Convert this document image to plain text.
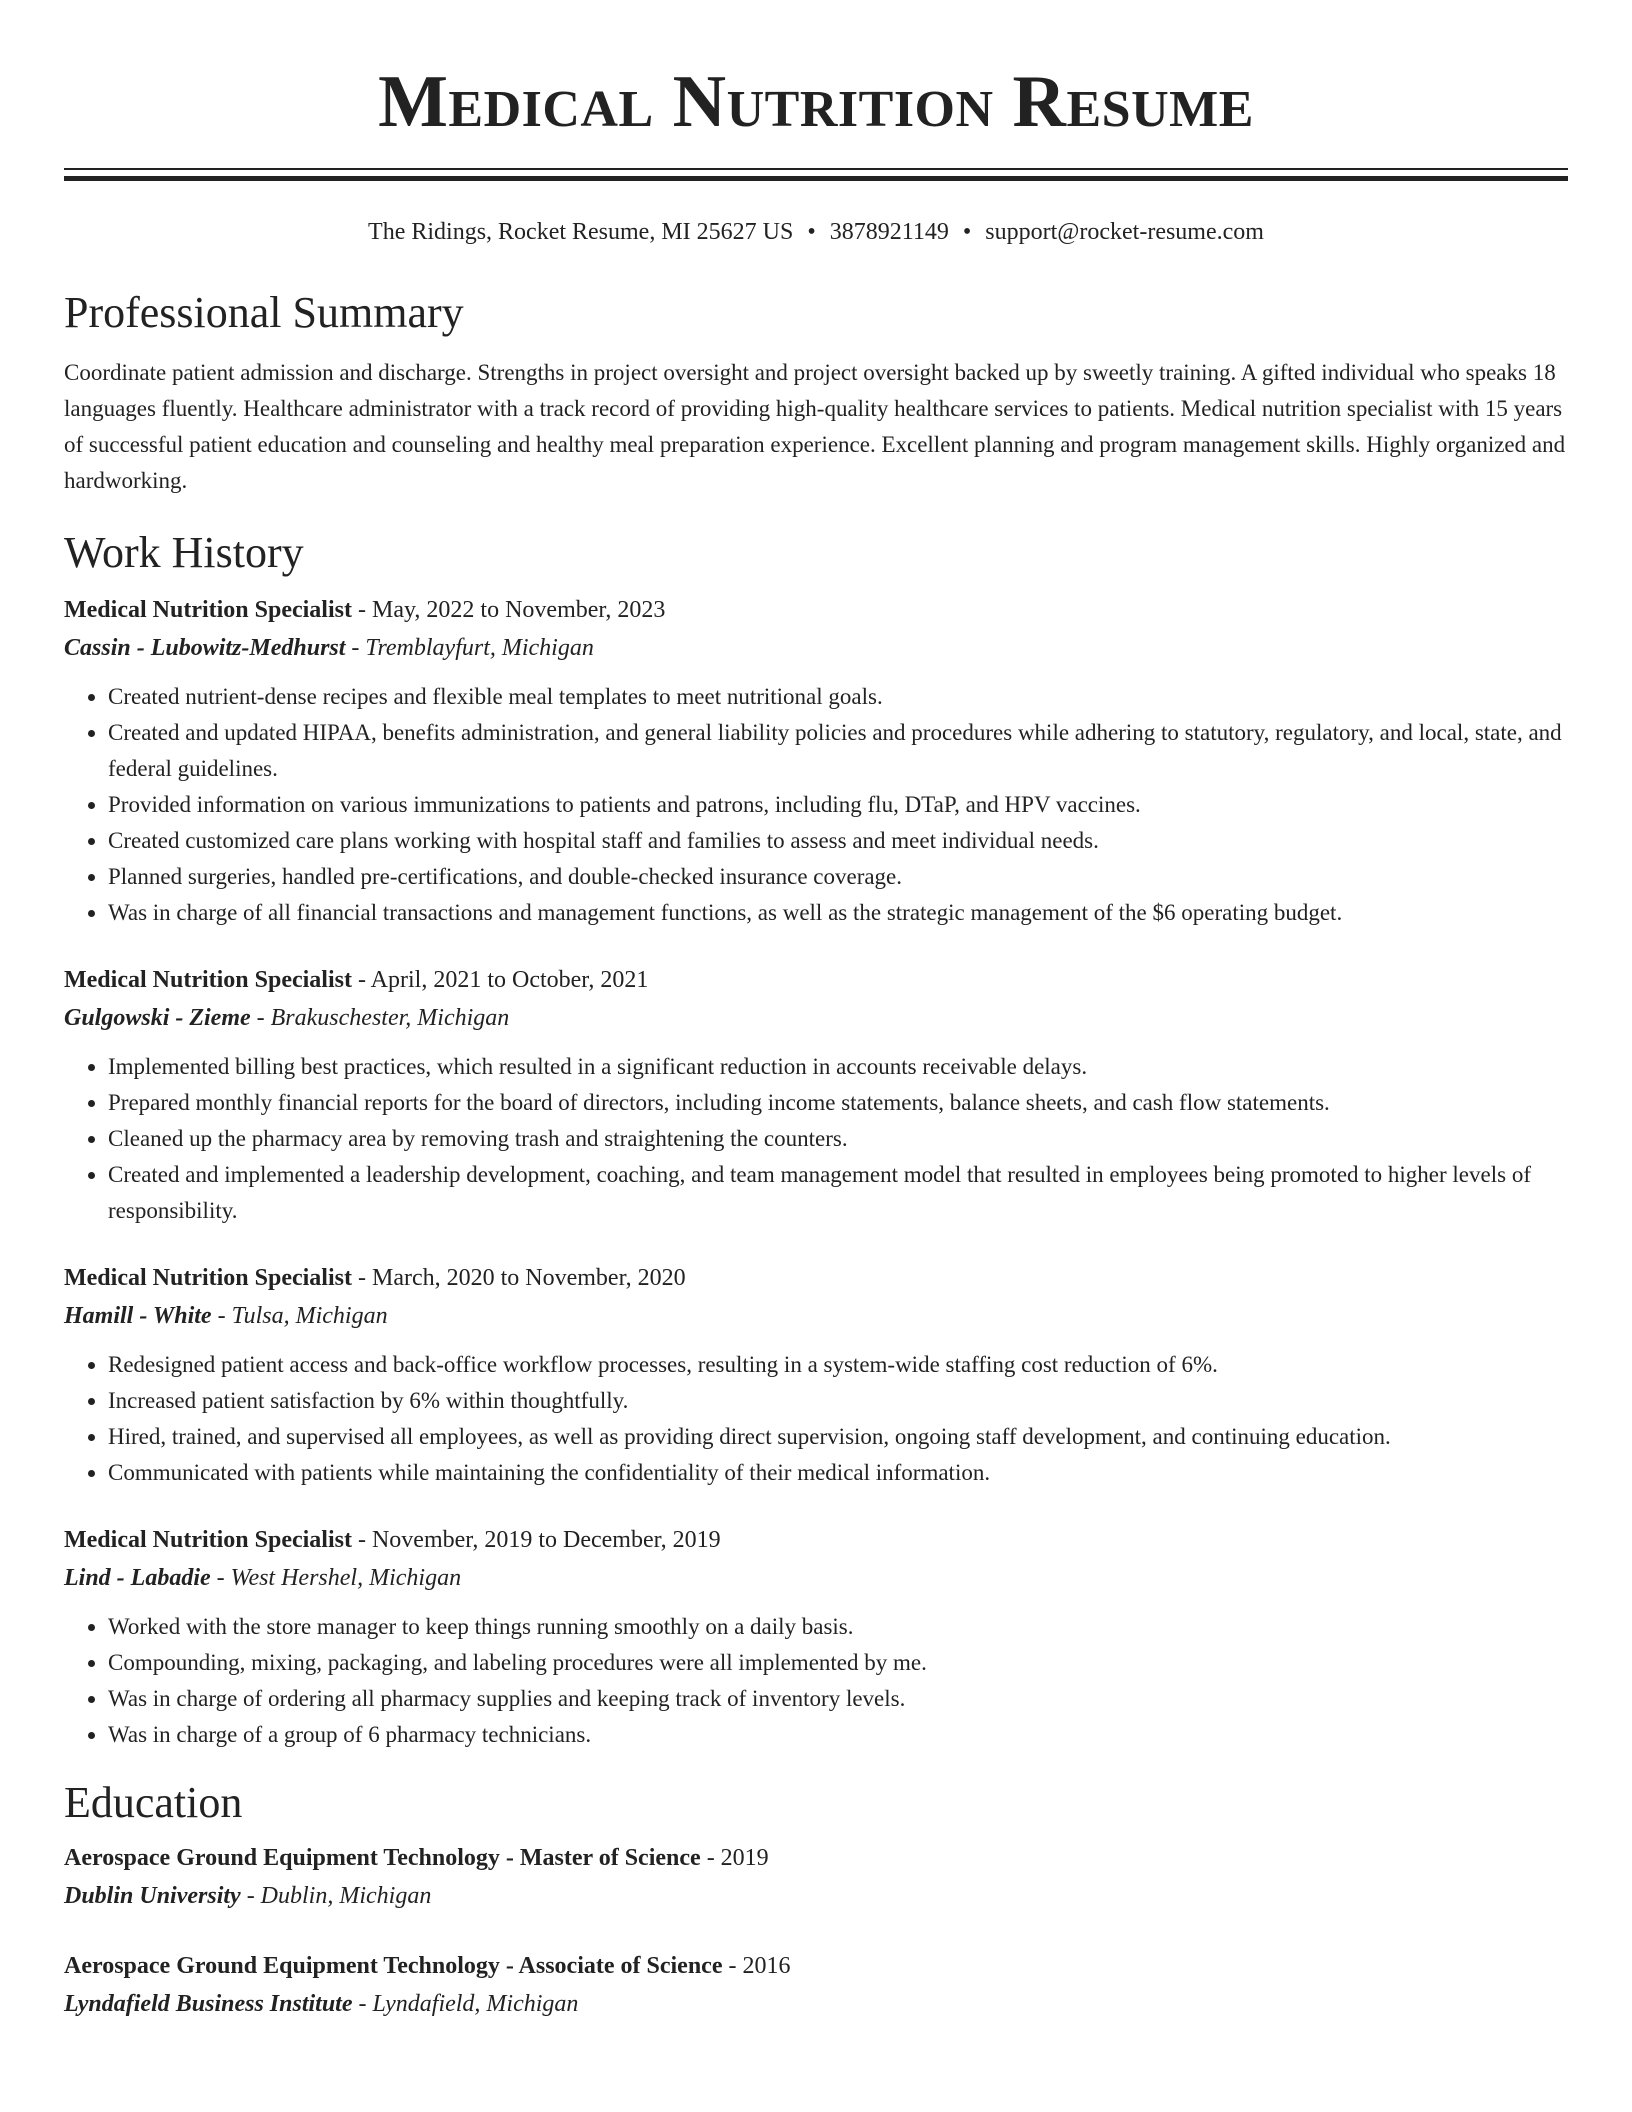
Medical Nutrition Resume
The Ridings, Rocket Resume, MI 25627 US • 3878921149 • support@rocket-resume.com
Professional Summary
Coordinate patient admission and discharge. Strengths in project oversight and project oversight backed up by sweetly training. A gifted individual who speaks 18 languages fluently. Healthcare administrator with a track record of providing high-quality healthcare services to patients. Medical nutrition specialist with 15 years of successful patient education and counseling and healthy meal preparation experience. Excellent planning and program management skills. Highly organized and hardworking.
Work History
Medical Nutrition Specialist - May, 2022 to November, 2023
Cassin - Lubowitz-Medhurst - Tremblayfurt, Michigan
• Created nutrient-dense recipes and flexible meal templates to meet nutritional goals.
• Created and updated HIPAA, benefits administration, and general liability policies and procedures while adhering to statutory, regulatory, and local, state, and federal guidelines.
• Provided information on various immunizations to patients and patrons, including flu, DTaP, and HPV vaccines.
• Created customized care plans working with hospital staff and families to assess and meet individual needs.
• Planned surgeries, handled pre-certifications, and double-checked insurance coverage.
• Was in charge of all financial transactions and management functions, as well as the strategic management of the $6 operating budget.
Medical Nutrition Specialist - April, 2021 to October, 2021
Gulgowski - Zieme - Brakuschester, Michigan
• Implemented billing best practices, which resulted in a significant reduction in accounts receivable delays.
• Prepared monthly financial reports for the board of directors, including income statements, balance sheets, and cash flow statements.
• Cleaned up the pharmacy area by removing trash and straightening the counters.
• Created and implemented a leadership development, coaching, and team management model that resulted in employees being promoted to higher levels of responsibility.
Medical Nutrition Specialist - March, 2020 to November, 2020
Hamill - White - Tulsa, Michigan
• Redesigned patient access and back-office workflow processes, resulting in a system-wide staffing cost reduction of 6%.
• Increased patient satisfaction by 6% within thoughtfully.
• Hired, trained, and supervised all employees, as well as providing direct supervision, ongoing staff development, and continuing education.
• Communicated with patients while maintaining the confidentiality of their medical information.
Medical Nutrition Specialist - November, 2019 to December, 2019
Lind - Labadie - West Hershel, Michigan
• Worked with the store manager to keep things running smoothly on a daily basis.
• Compounding, mixing, packaging, and labeling procedures were all implemented by me.
• Was in charge of ordering all pharmacy supplies and keeping track of inventory levels.
• Was in charge of a group of 6 pharmacy technicians.
Education
Aerospace Ground Equipment Technology - Master of Science - 2019
Dublin University - Dublin, Michigan
Aerospace Ground Equipment Technology - Associate of Science - 2016
Lyndafield Business Institute - Lyndafield, Michigan
